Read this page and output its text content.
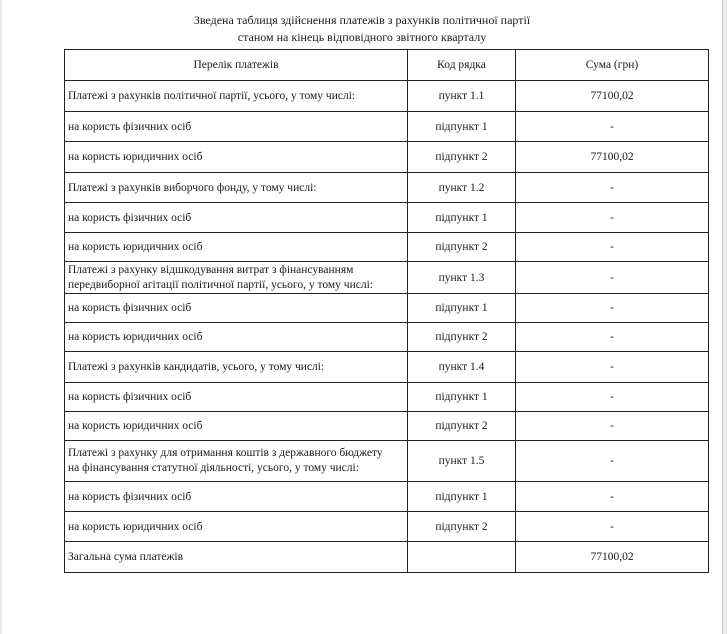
Зведена таблиця здійснення платежів з рахунків політичної партії
станом на кінець відповідного звітного кварталу
Перелік платежів	Код рядка	Сума (грн)
Платежі з рахунків політичної партії, усього, у тому числі:	пункт 1.1	77100,02
на користь фізичних осіб	підпункт 1	-
на користь юридичних осіб	підпункт 2	77100,02
Платежі з рахунків виборчого фонду, у тому числі:	пункт 1.2	-
на користь фізичних осіб	підпункт 1	-
на користь юридичних осіб	підпункт 2	-

Платежі з рахунку відшкодування витрат з фінансуванням
передвиборної агітації політичної партії, усього, у тому числі:	пункт 1.3	-
на користь фізичних осіб	підпункт 1	-
на користь юридичних осіб	підпункт 2	-
Платежі з рахунків кандидатів, усього, у тому числі:	пункт 1.4	-
на користь фізичних осіб	підпункт 1	-
на користь юридичних осіб	підпункт 2	-

Платежі з рахунку для отримання коштів з державного бюджету
на фінансування статутної діяльності, усього, у тому числі:	пункт 1.5	-
на користь фізичних осіб	підпункт 1	-
на користь юридичних осіб	підпункт 2	-
Загальна сума платежів		77100,02
